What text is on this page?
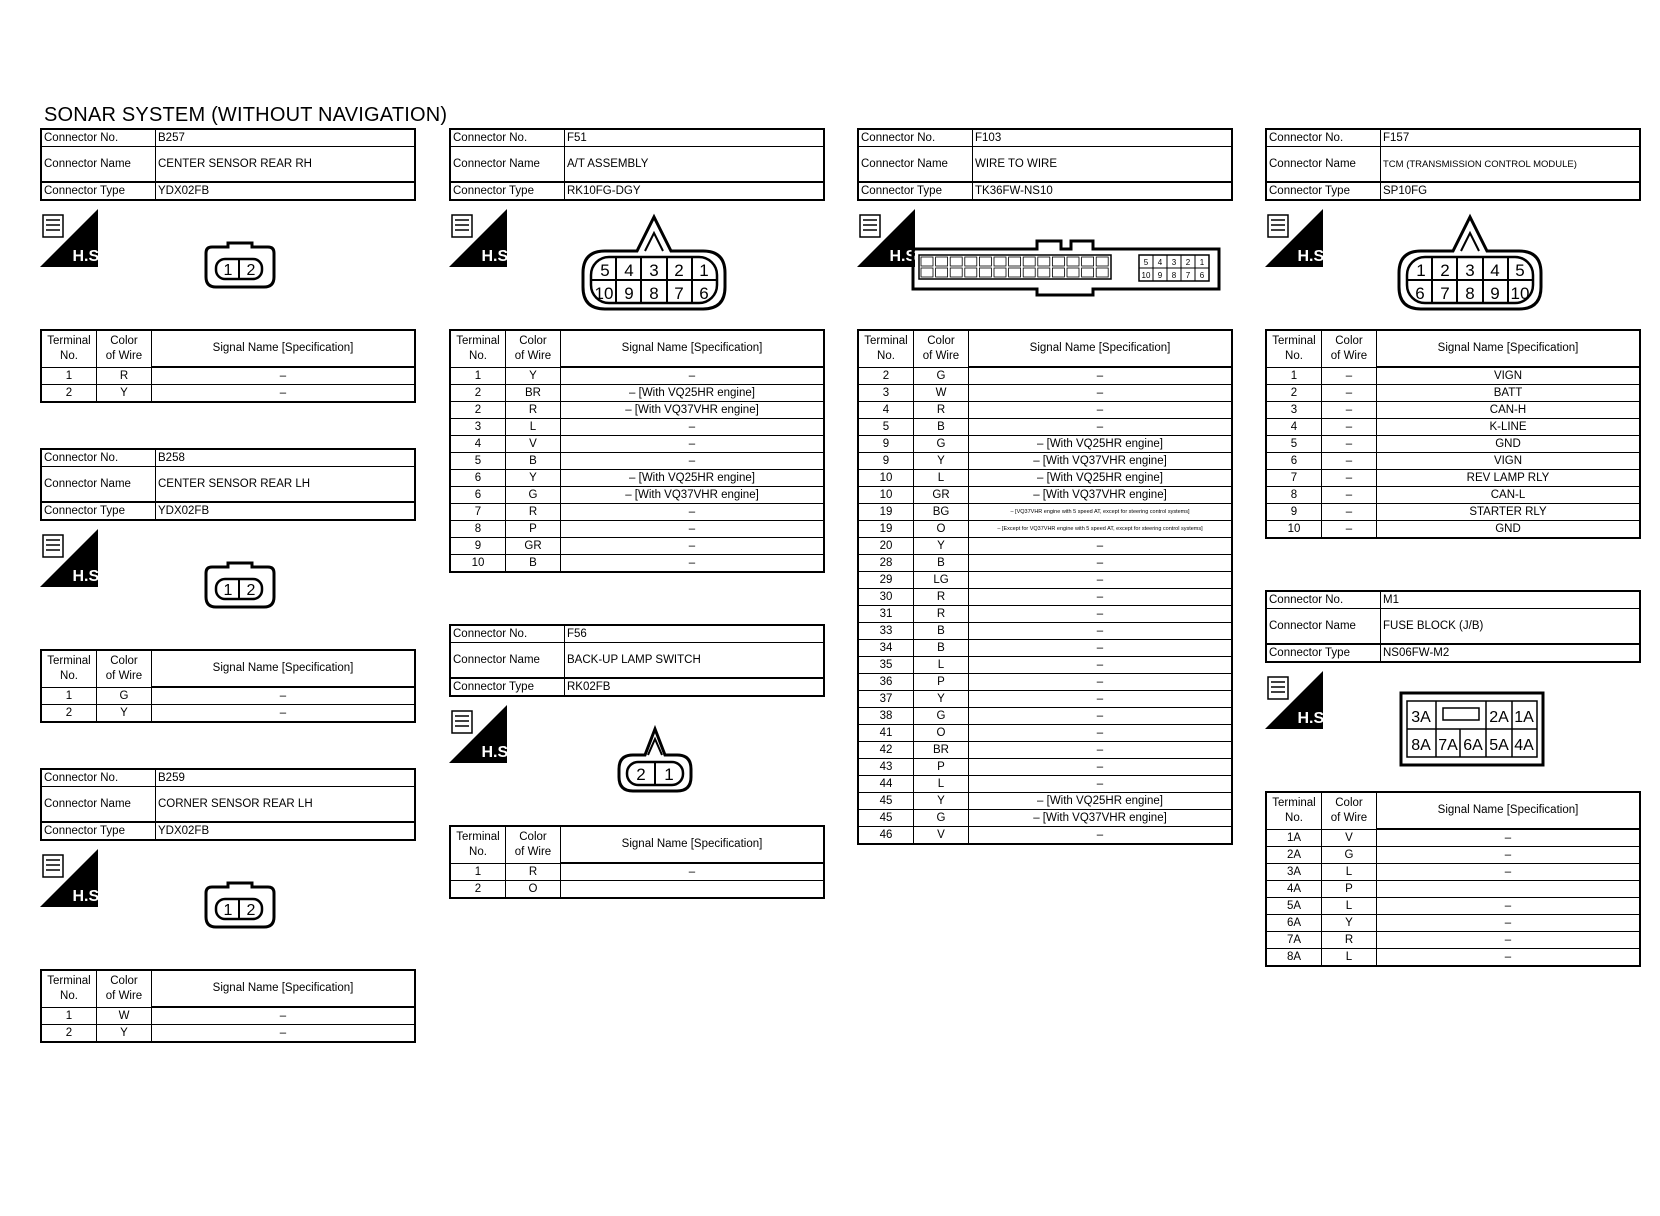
SONAR SYSTEM (WITHOUT NAVIGATION)
Connector No.	B257
Connector Name	CENTER SENSOR REAR RH
Connector Type	YDX02FB
H.S.
1 2
Terminal
No.	Color
of Wire	Signal Name [Specification]
1	R	–
2	Y	–
Connector No.	B258
Connector Name	CENTER SENSOR REAR LH
Connector Type	YDX02FB
H.S.
1 2
Terminal
No.	Color
of Wire	Signal Name [Specification]
1	G	–
2	Y	–
Connector No.	B259
Connector Name	CORNER SENSOR REAR LH
Connector Type	YDX02FB
H.S.
1 2
Terminal
No.	Color
of Wire	Signal Name [Specification]
1	W	–
2	Y	–
Connector No.	F51
Connector Name	A/T ASSEMBLY
Connector Type	RK10FG-DGY
H.S.
5 4 3 2 1
10 9 8 7 6
Terminal
No.	Color
of Wire	Signal Name [Specification]
1	Y	–
2	BR	– [With VQ25HR engine]
2	R	– [With VQ37VHR engine]
3	L	–
4	V	–
5	B	–
6	Y	– [With VQ25HR engine]
6	G	– [With VQ37VHR engine]
7	R	–
8	P	–
9	GR	–
10	B	–
Connector No.	F56
Connector Name	BACK-UP LAMP SWITCH
Connector Type	RK02FB
H.S.
2 1
Terminal
No.	Color
of Wire	Signal Name [Specification]
1	R	–
2	O	
Connector No.	F103
Connector Name	WIRE TO WIRE
Connector Type	TK36FW-NS10
H.S.	5 4 3 2 1
10 9 8 7 6
Terminal
No.	Color
of Wire	Signal Name [Specification]
2	G	–
3	W	–
4	R	–
5	B	–
9	G	– [With VQ25HR engine]
9	Y	– [With VQ37VHR engine]
10	L	– [With VQ25HR engine]
10	GR	– [With VQ37VHR engine]
19	BG	– [VQ37VHR engine with 5 speed AT, except for steering control systems]
19	O	– [Except for VQ37VHR engine with 5 speed AT, except for steering control systems]
20	Y	–
28	B	–
29	LG	–
30	R	–
31	R	–
33	B	–
34	B	–
35	L	–
36	P	–
37	Y	–
38	G	–
41	O	–
42	BR	–
43	P	–
44	L	–
45	Y	– [With VQ25HR engine]
45	G	– [With VQ37VHR engine]
46	V	–
Connector No.	F157
Connector Name	TCM (TRANSMISSION CONTROL MODULE)
Connector Type	SP10FG
H.S.
1 2 3 4 5
6 7 8 9 10
Terminal
No.	Color
of Wire	Signal Name [Specification]
1	–	VIGN
2	–	BATT
3	–	CAN-H
4	–	K-LINE
5	–	GND
6	–	VIGN
7	–	REV LAMP RLY
8	–	CAN-L
9	–	STARTER RLY
10	–	GND
Connector No.	M1
Connector Name	FUSE BLOCK (J/B)
Connector Type	NS06FW-M2
H.S.	3A	2A 1A
8A 7A 6A 5A 4A
Terminal
No.	Color
of Wire	Signal Name [Specification]
1A	V	–
2A	G	–
3A	L	–
4A	P	
5A	L	–
6A	Y	–
7A	R	–
8A	L	–
